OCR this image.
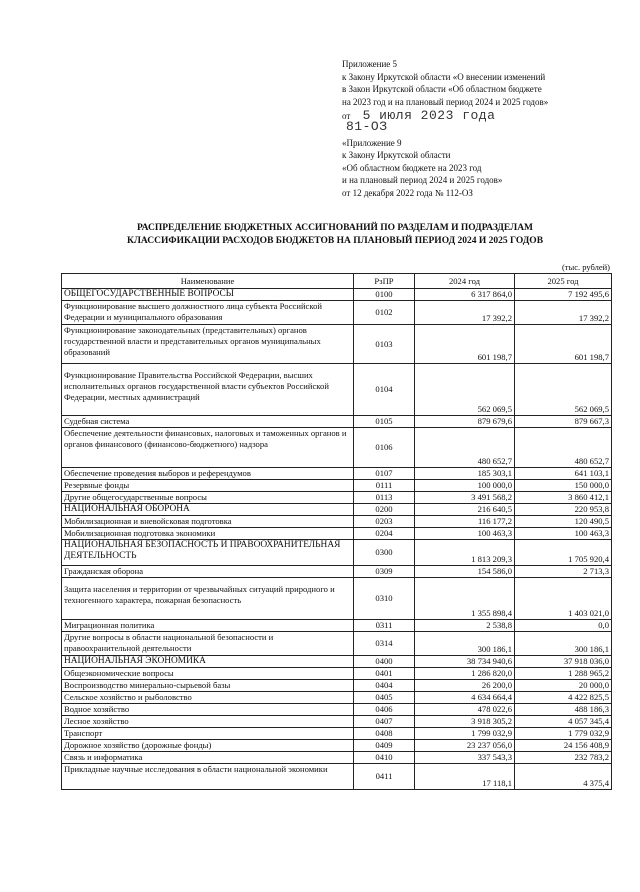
Приложение 5
к Закону Иркутской области «О внесении изменений
в Закон Иркутской области «Об областном бюджете
на 2023 год и на плановый период 2024 и 2025 годов»
от 5 июля 2023 года
81-ОЗ
«Приложение 9
к Закону Иркутской области
«Об областном бюджете на 2023 год
и на плановый период 2024 и 2025 годов»
от 12 декабря 2022 года № 112-ОЗ
РАСПРЕДЕЛЕНИЕ БЮДЖЕТНЫХ АССИГНОВАНИЙ ПО РАЗДЕЛАМ И ПОДРАЗДЕЛАМ
КЛАССИФИКАЦИИ РАСХОДОВ БЮДЖЕТОВ НА ПЛАНОВЫЙ ПЕРИОД 2024 И 2025 ГОДОВ
(тыс. рублей)
Наименование	РзПР	2024 год	2025 год
ОБЩЕГОСУДАРСТВЕННЫЕ ВОПРОСЫ	0100	6 317 864,0	7 192 495,6
Функционирование высшего должностного лица субъекта Российской Федерации и муниципального образования	0102	17 392,2	17 392,2
Функционирование законодательных (представительных) органов государственной власти и представительных органов муниципальных образований	0103	601 198,7	601 198,7
Функционирование Правительства Российской Федерации, высших исполнительных органов государственной власти субъектов Российской Федерации, местных администраций	0104	562 069,5	562 069,5
Судебная система	0105	879 679,6	879 667,3
Обеспечение деятельности финансовых, налоговых и таможенных органов и органов финансового (финансово-бюджетного) надзора	0106	480 652,7	480 652,7
Обеспечение проведения выборов и референдумов	0107	185 303,1	641 103,1
Резервные фонды	0111	100 000,0	150 000,0
Другие общегосударственные вопросы	0113	3 491 568,2	3 860 412,1
НАЦИОНАЛЬНАЯ ОБОРОНА	0200	216 640,5	220 953,8
Мобилизационная и вневойсковая подготовка	0203	116 177,2	120 490,5
Мобилизационная подготовка экономики	0204	100 463,3	100 463,3
НАЦИОНАЛЬНАЯ БЕЗОПАСНОСТЬ И ПРАВООХРАНИТЕЛЬНАЯ ДЕЯТЕЛЬНОСТЬ	0300	1 813 209,3	1 705 920,4
Гражданская оборона	0309	154 586,0	2 713,3
Защита населения и территории от чрезвычайных ситуаций природного и техногенного характера, пожарная безопасность	0310	1 355 898,4	1 403 021,0
Миграционная политика	0311	2 538,8	0,0
Другие вопросы в области национальной безопасности и правоохранительной деятельности	0314	300 186,1	300 186,1
НАЦИОНАЛЬНАЯ ЭКОНОМИКА	0400	38 734 940,6	37 918 036,0
Общеэкономические вопросы	0401	1 286 820,0	1 288 965,2
Воспроизводство минерально-сырьевой базы	0404	26 200,0	20 000,0
Сельское хозяйство и рыболовство	0405	4 634 664,4	4 422 825,5
Водное хозяйство	0406	478 022,6	488 186,3
Лесное хозяйство	0407	3 918 305,2	4 057 345,4
Транспорт	0408	1 799 032,9	1 779 032,9
Дорожное хозяйство (дорожные фонды)	0409	23 237 056,0	24 156 408,9
Связь и информатика	0410	337 543,3	232 783,2
Прикладные научные исследования в области национальной экономики	0411	17 118,1	4 375,4
